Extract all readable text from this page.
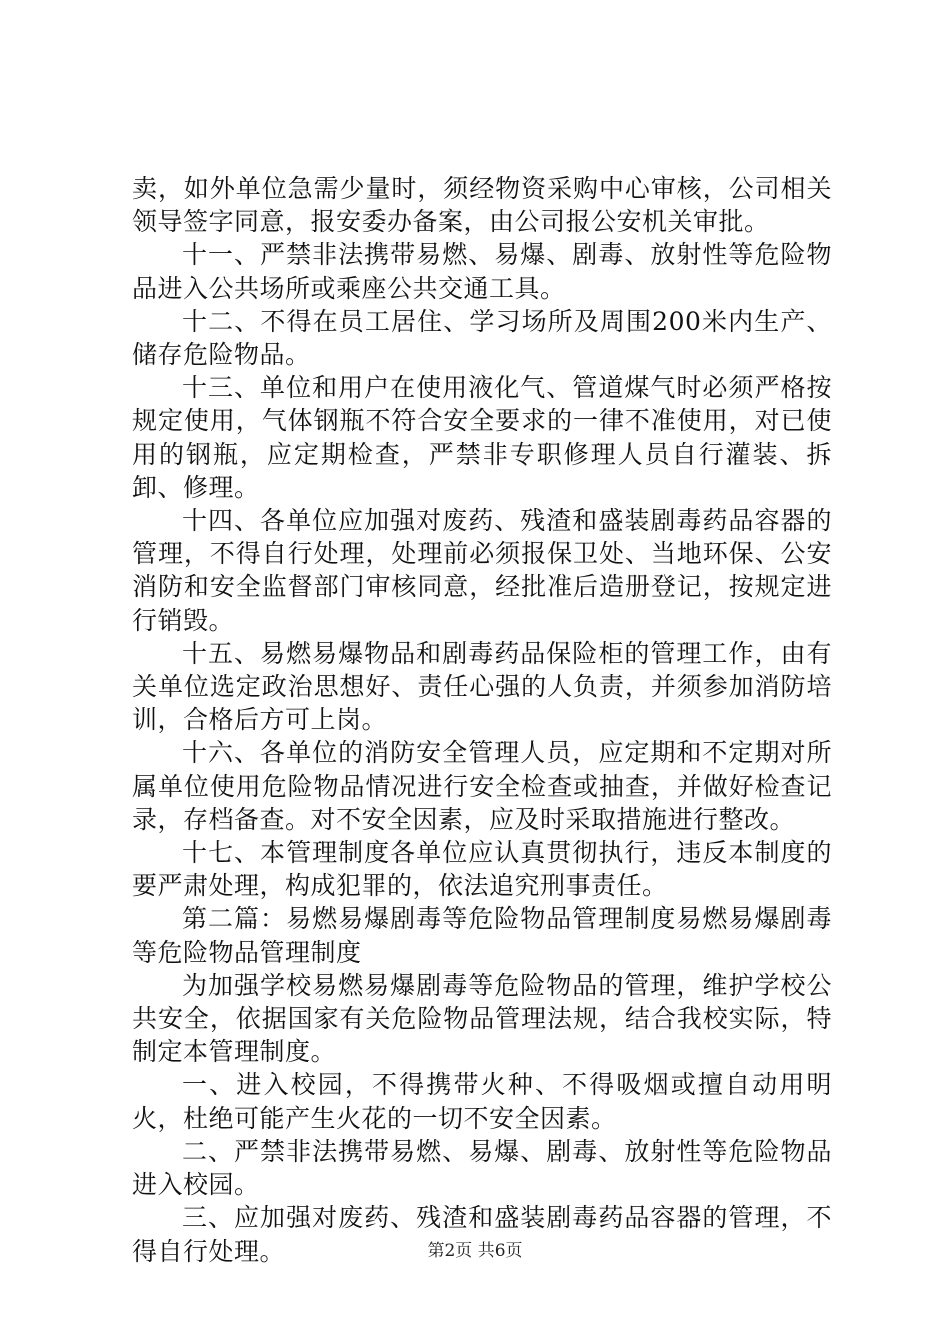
卖，如外单位急需少量时，须经物资采购中心审核，公司相关领导签字同意，报安委办备案，由公司报公安机关审批。

十一、严禁非法携带易燃、易爆、剧毒、放射性等危险物品进入公共场所或乘座公共交通工具。

十二、不得在员工居住、学习场所及周围200米内生产、储存危险物品。

十三、单位和用户在使用液化气、管道煤气时必须严格按规定使用，气体钢瓶不符合安全要求的一律不准使用，对已使用的钢瓶，应定期检查，严禁非专职修理人员自行灌装、拆卸、修理。

十四、各单位应加强对废药、残渣和盛装剧毒药品容器的管理，不得自行处理，处理前必须报保卫处、当地环保、公安消防和安全监督部门审核同意，经批准后造册登记，按规定进行销毁。

十五、易燃易爆物品和剧毒药品保险柜的管理工作，由有关单位选定政治思想好、责任心强的人负责，并须参加消防培训，合格后方可上岗。

十六、各单位的消防安全管理人员，应定期和不定期对所属单位使用危险物品情况进行安全检查或抽查，并做好检查记录，存档备查。对不安全因素，应及时采取措施进行整改。

十七、本管理制度各单位应认真贯彻执行，违反本制度的要严肃处理，构成犯罪的，依法追究刑事责任。

第二篇：易燃易爆剧毒等危险物品管理制度易燃易爆剧毒等危险物品管理制度

为加强学校易燃易爆剧毒等危险物品的管理，维护学校公共安全，依据国家有关危险物品管理法规，结合我校实际，特制定本管理制度。

一、进入校园，不得携带火种、不得吸烟或擅自动用明火，杜绝可能产生火花的一切不安全因素。

二、严禁非法携带易燃、易爆、剧毒、放射性等危险物品进入校园。

三、应加强对废药、残渣和盛装剧毒药品容器的管理，不得自行处理。	第2页 共6页
